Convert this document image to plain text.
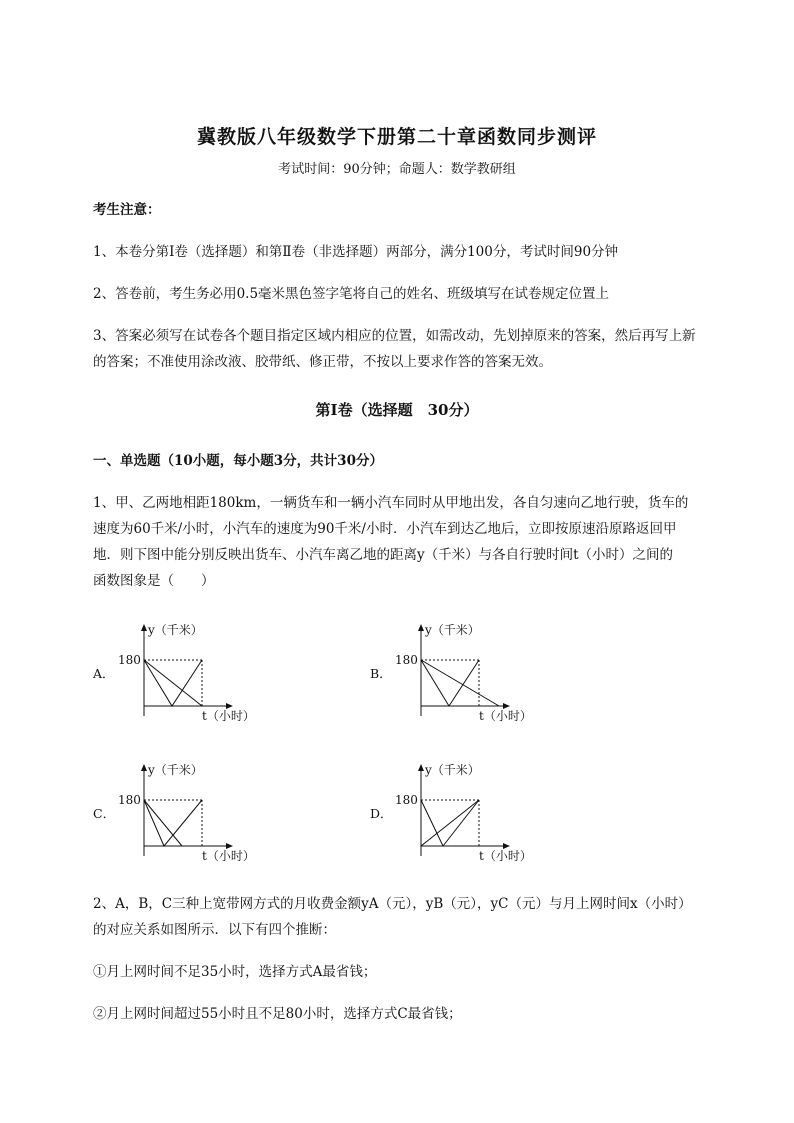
冀教版八年级数学下册第二十章函数同步测评
考试时间：90分钟；命题人：数学教研组
考生注意：
1、本卷分第I卷（选择题）和第Ⅱ卷（非选择题）两部分，满分100分，考试时间90分钟
2、答卷前，考生务必用0.5毫米黑色签字笔将自己的姓名、班级填写在试卷规定位置上
3、答案必须写在试卷各个题目指定区域内相应的位置，如需改动，先划掉原来的答案，然后再写上新
的答案；不准使用涂改液、胶带纸、修正带，不按以上要求作答的答案无效。
第I卷（选择题　30分）
一、单选题（10小题，每小题3分，共计30分）
1、甲、乙两地相距180km，一辆货车和一辆小汽车同时从甲地出发，各自匀速向乙地行驶，货车的
速度为60千米/小时，小汽车的速度为90千米/小时．小汽车到达乙地后，立即按原速沿原路返回甲
地．则下图中能分别反映出货车、小汽车离乙地的距离y（千米）与各自行驶时间t（小时）之间的
函数图象是（　　）
A．
y（千米）
180
t（小时）
B．
y（千米）
180
t（小时）
C．
y（千米）
180
t（小时）
D．
y（千米）
180
t（小时）
2、A，B，C三种上宽带网方式的月收费金额yA（元），yB（元），yC（元）与月上网时间x（小时）
的对应关系如图所示．以下有四个推断：
①月上网时间不足35小时，选择方式A最省钱；
②月上网时间超过55小时且不足80小时，选择方式C最省钱；
